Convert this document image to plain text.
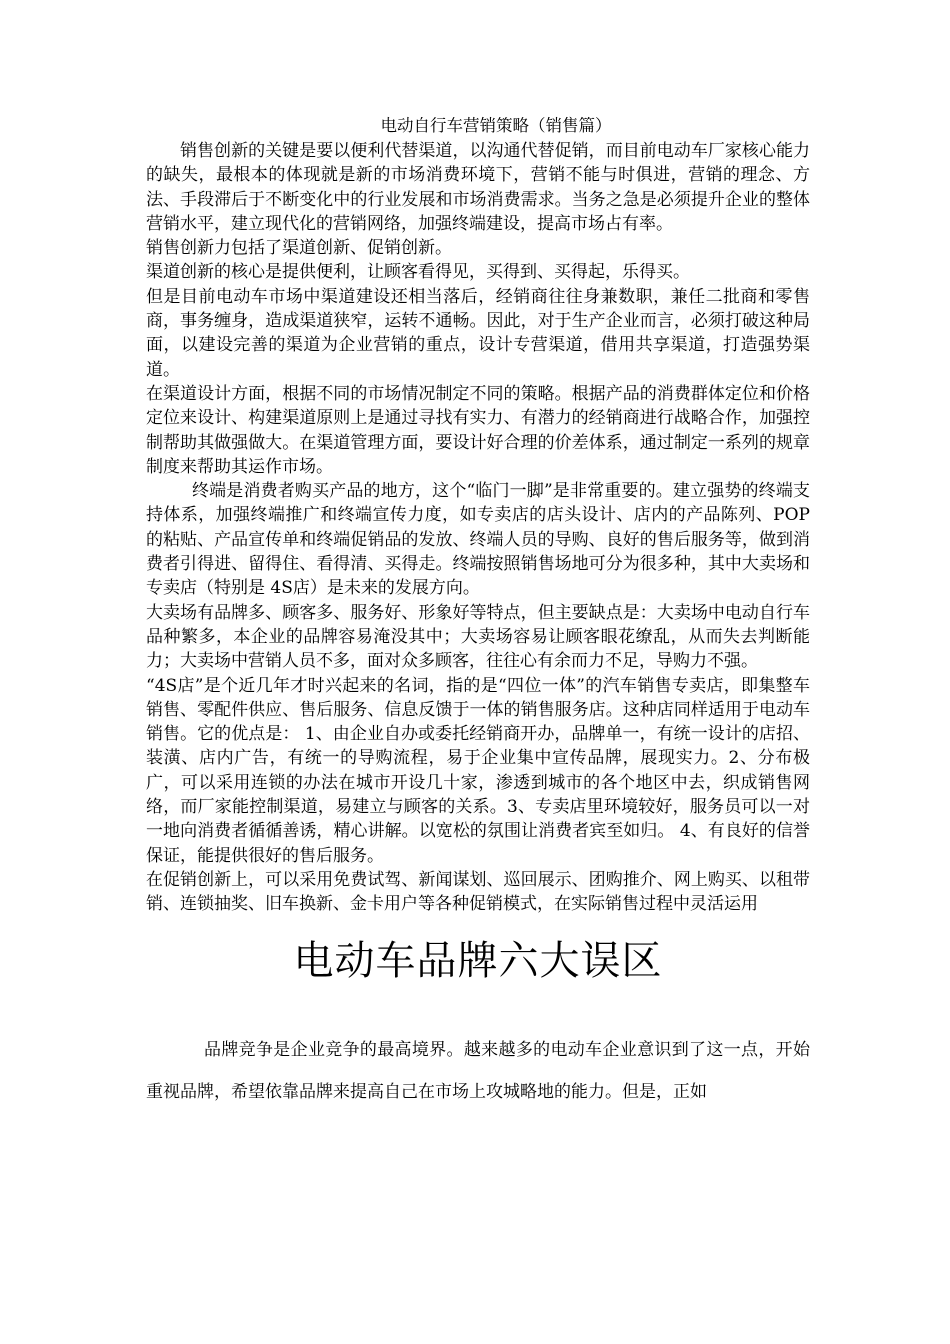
电动自行车营销策略（销售篇）

销售创新的关键是要以便利代替渠道，以沟通代替促销，而目前电动车厂家核心能力的缺失，最根本的体现就是新的市场消费环境下，营销不能与时俱进，营销的理念、方法、手段滞后于不断变化中的行业发展和市场消费需求。当务之急是必须提升企业的整体营销水平，建立现代化的营销网络，加强终端建设，提高市场占有率。

销售创新力包括了渠道创新、促销创新。

渠道创新的核心是提供便利，让顾客看得见，买得到、买得起，乐得买。

但是目前电动车市场中渠道建设还相当落后，经销商往往身兼数职，兼任二批商和零售商，事务缠身，造成渠道狭窄，运转不通畅。因此，对于生产企业而言，必须打破这种局面，以建设完善的渠道为企业营销的重点，设计专营渠道，借用共享渠道，打造强势渠道。

在渠道设计方面，根据不同的市场情况制定不同的策略。根据产品的消费群体定位和价格定位来设计、构建渠道原则上是通过寻找有实力、有潜力的经销商进行战略合作，加强控制帮助其做强做大。在渠道管理方面，要设计好合理的价差体系，通过制定一系列的规章制度来帮助其运作市场。

终端是消费者购买产品的地方，这个“临门一脚”是非常重要的。建立强势的终端支持体系，加强终端推广和终端宣传力度，如专卖店的店头设计、店内的产品陈列、POP的粘贴、产品宣传单和终端促销品的发放、终端人员的导购、良好的售后服务等，做到消费者引得进、留得住、看得清、买得走。终端按照销售场地可分为很多种，其中大卖场和专卖店（特别是 4S店）是未来的发展方向。

大卖场有品牌多、顾客多、服务好、形象好等特点，但主要缺点是：大卖场中电动自行车品种繁多，本企业的品牌容易淹没其中；大卖场容易让顾客眼花缭乱，从而失去判断能力；大卖场中营销人员不多，面对众多顾客，往往心有余而力不足，导购力不强。

“4S店”是个近几年才时兴起来的名词，指的是“四位一体”的汽车销售专卖店，即集整车销售、零配件供应、售后服务、信息反馈于一体的销售服务店。这种店同样适用于电动车销售。它的优点是： 1、由企业自办或委托经销商开办，品牌单一，有统一设计的店招、装潢、店内广告，有统一的导购流程，易于企业集中宣传品牌，展现实力。2、分布极广，可以采用连锁的办法在城市开设几十家，渗透到城市的各个地区中去，织成销售网络，而厂家能控制渠道，易建立与顾客的关系。3、专卖店里环境较好，服务员可以一对一地向消费者循循善诱，精心讲解。以宽松的氛围让消费者宾至如归。 4、有良好的信誉保证，能提供很好的售后服务。

在促销创新上，可以采用免费试驾、新闻谋划、巡回展示、团购推介、网上购买、以租带销、连锁抽奖、旧车换新、金卡用户等各种促销模式，在实际销售过程中灵活运用

电动车品牌六大误区

品牌竞争是企业竞争的最高境界。越来越多的电动车企业意识到了这一点，开始重视品牌，希望依靠品牌来提高自己在市场上攻城略地的能力。但是，正如
